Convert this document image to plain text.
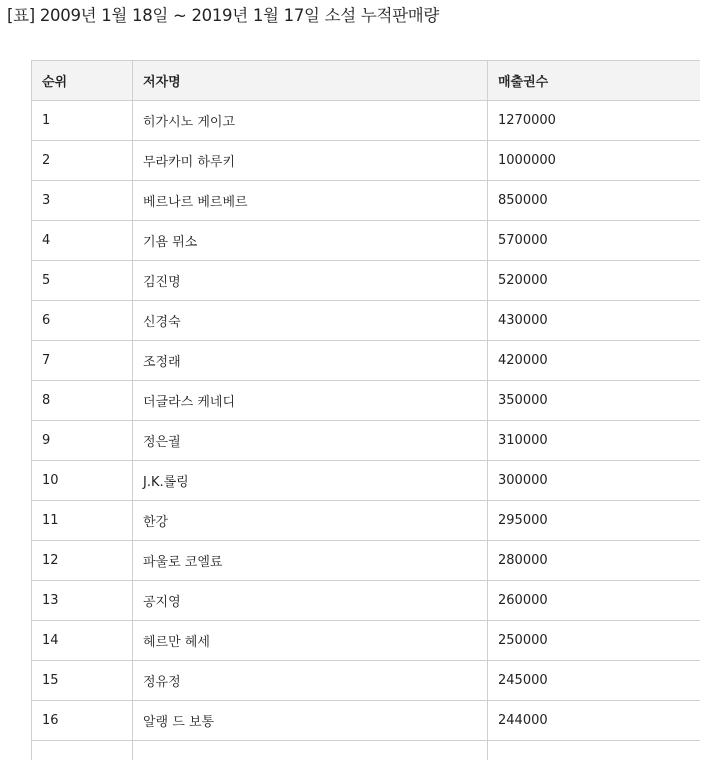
[표] 2009년 1월 18일 ~ 2019년 1월 17일 소설 누적판매량
순위	저자명	매출권수
1	히가시노 게이고	1270000
2	무라카미 하루키	1000000
3	베르나르 베르베르	850000
4	기욤 뮈소	570000
5	김진명	520000
6	신경숙	430000
7	조정래	420000
8	더글라스 케네디	350000
9	정은궐	310000
10	J.K.롤링	300000
11	한강	295000
12	파울로 코엘료	280000
13	공지영	260000
14	헤르만 헤세	250000
15	정유정	245000
16	알랭 드 보통	244000
